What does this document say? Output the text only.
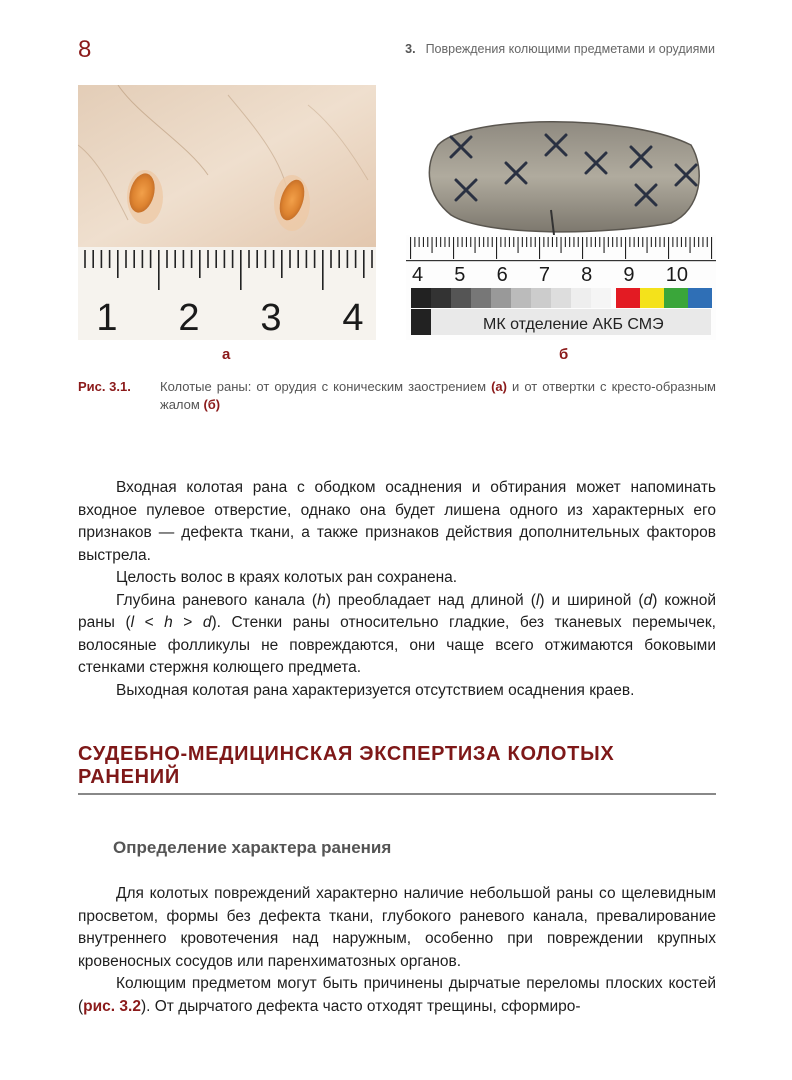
8	3. Повреждения колющими предметами и орудиями
1 2 3 4
4 5 6 7 8 9 10
МК отделение АКБ СМЭ
а	б
Рис. 3.1. Колотые раны: от орудия с коническим заострением (а) и от отвертки с кресто-образным жалом (б)

Входная колотая рана с ободком осаднения и обтирания может напоминать входное пулевое отверстие, однако она будет лишена одного из характерных его признаков — дефекта ткани, а также признаков действия дополнительных факторов выстрела.

Целость волос в краях колотых ран сохранена.

Глубина раневого канала (h) преобладает над длиной (l) и шириной (d) кожной раны (l < h > d). Стенки раны относительно гладкие, без тканевых перемычек, волосяные фолликулы не повреждаются, они чаще всего отжимаются боковыми стенками стержня колющего предмета.

Выходная колотая рана характеризуется отсутствием осаднения краев.

СУДЕБНО-МЕДИЦИНСКАЯ ЭКСПЕРТИЗА КОЛОТЫХ РАНЕНИЙ
Определение характера ранения

Для колотых повреждений характерно наличие небольшой раны со щелевидным просветом, формы без дефекта ткани, глубокого раневого канала, превалирование внутреннего кровотечения над наружным, особенно при повреждении крупных кровеносных сосудов или паренхиматозных органов.

Колющим предметом могут быть причинены дырчатые переломы плоских костей (рис. 3.2). От дырчатого дефекта часто отходят трещины, сформиро-
